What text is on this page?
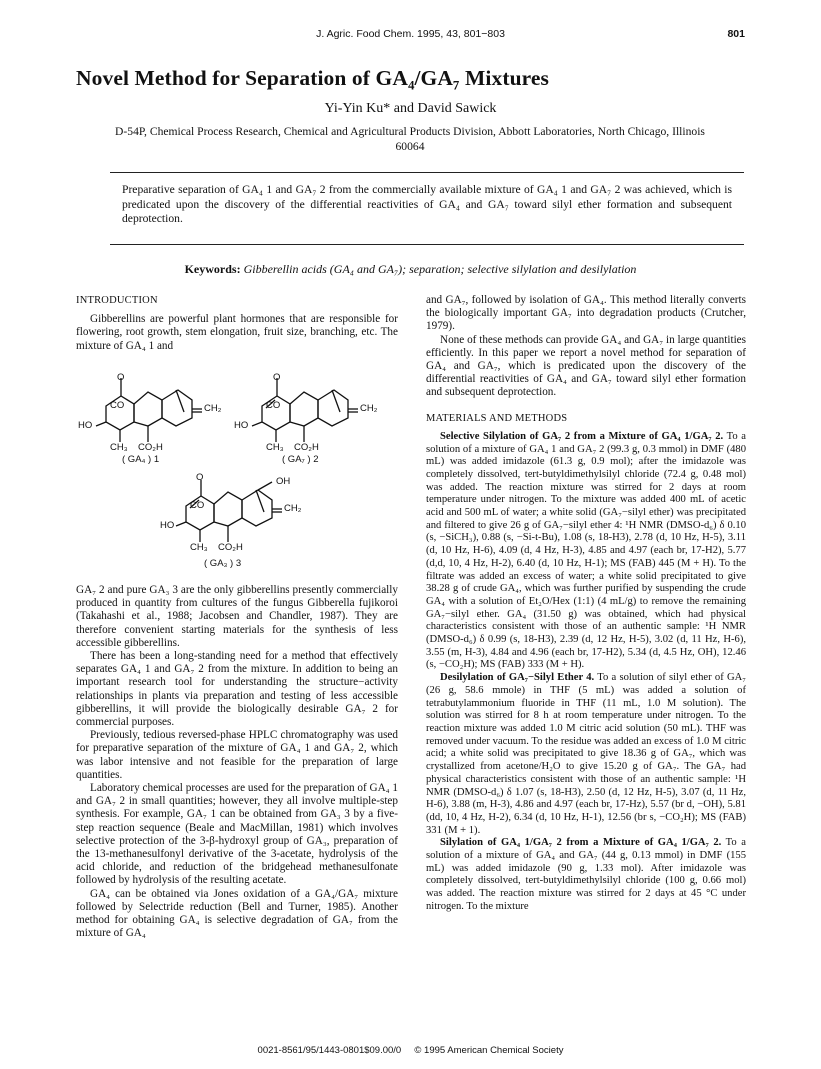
J. Agric. Food Chem. 1995, 43, 801−803	801
Novel Method for Separation of GA₄/GA₇ Mixtures
Yi-Yin Ku* and David Sawick
D-54P, Chemical Process Research, Chemical and Agricultural Products Division, Abbott Laboratories, North Chicago, Illinois 60064
Preparative separation of GA₄ 1 and GA₇ 2 from the commercially available mixture of GA₄ 1 and GA₇ 2 was achieved, which is predicated upon the discovery of the differential reactivities of GA₄ and GA₇ toward silyl ether formation and subsequent deprotection.
Keywords: Gibberellin acids (GA₄ and GA₇); separation; selective silylation and desilylation
INTRODUCTION

Gibberellins are powerful plant hormones that are responsible for flowering, root growth, stem elongation, fruit size, branching, etc. The mixture of GA₄ 1 and

O
CO	CH₂
HO
CH₃ CO₂H
( GA₄ ) 1
O
CO	CH₂
HO
CH₃ CO₂H
( GA₇ ) 2
O	OH
CO	CH₂
HO
CH₃ CO₂H
( GA₃ ) 3

GA₇ 2 and pure GA₃ 3 are the only gibberellins presently commercially produced in quantity from cultures of the fungus Gibberella fujikoroi (Takahashi et al., 1988; Jacobsen and Chandler, 1987). They are therefore convenient starting materials for the synthesis of less accessible gibberellins.

There has been a long-standing need for a method that effectively separates GA₄ 1 and GA₇ 2 from the mixture. In addition to being an important research tool for understanding the structure−activity relationships in plants via preparation and testing of less accessible gibberellins, it will provide the biologically desirable GA₇ 2 for commercial purposes.

Previously, tedious reversed-phase HPLC chromatography was used for preparative separation of the mixture of GA₄ 1 and GA₇ 2, which was labor intensive and not feasible for the preparation of large quantities.

Laboratory chemical processes are used for the preparation of GA₄ 1 and GA₇ 2 in small quantities; however, they all involve multiple-step synthesis. For example, GA₇ 1 can be obtained from GA₃ 3 by a five-step reaction sequence (Beale and MacMillan, 1981) which involves selective protection of the 3-β-hydroxyl group of GA₃, preparation of the 13-methanesulfonyl derivative of the 3-acetate, hydrolysis of the acid chloride, and reduction of the bridgehead methanesulfonate followed by hydrolysis of the resulting acetate.

GA₄ can be obtained via Jones oxidation of a GA₄/GA₇ mixture followed by Selectride reduction (Bell and Turner, 1985). Another method for obtaining GA₄ is selective degradation of GA₇ from the mixture of GA₄

and GA₇, followed by isolation of GA₄. This method literally converts the biologically important GA₇ into degradation products (Crutcher, 1979).

None of these methods can provide GA₄ and GA₇ in large quantities efficiently. In this paper we report a novel method for separation of GA₄ and GA₇, which is predicated upon the discovery of the differential reactivities of GA₄ and GA₇ toward silyl ether formation and subsequent deprotection.

MATERIALS AND METHODS

Selective Silylation of GA₇ 2 from a Mixture of GA₄ 1/GA₇ 2. To a solution of a mixture of GA₄ 1 and GA₇ 2 (99.3 g, 0.3 mmol) in DMF (480 mL) was added imidazole (61.3 g, 0.9 mol); after the imidazole was completely dissolved, tert-butyldimethylsilyl chloride (72.4 g, 0.48 mol) was added. The reaction mixture was stirred for 2 days at room temperature under nitrogen. To the mixture was added 400 mL of acetic acid and 500 mL of water; a white solid (GA₇−silyl ether) was precipitated and filtered to give 26 g of GA₇−silyl ether 4: ¹H NMR (DMSO-d₆) δ 0.10 (s, −SiCH₃), 0.88 (s, −Si-t-Bu), 1.08 (s, 18-H3), 2.78 (d, 10 Hz, H-5), 3.11 (d, 10 Hz, H-6), 4.09 (d, 4 Hz, H-3), 4.85 and 4.97 (each br, 17-H2), 5.77 (d,d, 10, 4 Hz, H-2), 6.40 (d, 10 Hz, H-1); MS (FAB) 445 (M + H). To the filtrate was added an excess of water; a white solid precipitated to give 38.28 g of crude GA₄, which was further purified by suspending the crude GA₄ with a solution of Et₂O/Hex (1:1) (4 mL/g) to remove the remaining GA₇−silyl ether. GA₄ (31.50 g) was obtained, which had physical characteristics consistent with those of an authentic sample: ¹H NMR (DMSO-d₆) δ 0.99 (s, 18-H3), 2.39 (d, 12 Hz, H-5), 3.02 (d, 11 Hz, H-6), 3.55 (m, H-3), 4.84 and 4.96 (each br, 17-H2), 5.34 (d, 4.5 Hz, OH), 12.46 (s, −CO₂H); MS (FAB) 333 (M + H).

Desilylation of GA₇−Silyl Ether 4. To a solution of silyl ether of GA₇ (26 g, 58.6 mmole) in THF (5 mL) was added a solution of tetrabutylammonium fluoride in THF (11 mL, 1.0 M solution). The solution was stirred for 8 h at room temperature under nitrogen. To the reaction mixture was added 1.0 M citric acid solution (50 mL). THF was removed under vacuum. To the residue was added an excess of 1.0 M citric acid; a white solid was precipitated to give 18.36 g of GA₇, which was crystallized from acetone/H₂O to give 15.20 g of GA₇. The GA₇ had physical characteristics consistent with those of an authentic sample: ¹H NMR (DMSO-d₆) δ 1.07 (s, 18-H3), 2.50 (d, 12 Hz, H-5), 3.07 (d, 11 Hz, H-6), 3.88 (m, H-3), 4.86 and 4.97 (each br, 17-Hz), 5.57 (br d, −OH), 5.81 (dd, 10, 4 Hz, H-2), 6.34 (d, 10 Hz, H-1), 12.56 (br s, −CO₂H); MS (FAB) 331 (M + 1).

Silylation of GA₄ 1/GA₇ 2 from a Mixture of GA₄ 1/GA₇ 2. To a solution of a mixture of GA₄ and GA₇ (44 g, 0.13 mmol) in DMF (155 mL) was added imidazole (90 g, 1.33 mol). After imidazole was completely dissolved, tert-butyldimethylsilyl chloride (100 g, 0.66 mol) was added. The reaction mixture was stirred for 2 days at 45 °C under nitrogen. To the mixture

0021-8561/95/1443-0801$09.00/0 © 1995 American Chemical Society
